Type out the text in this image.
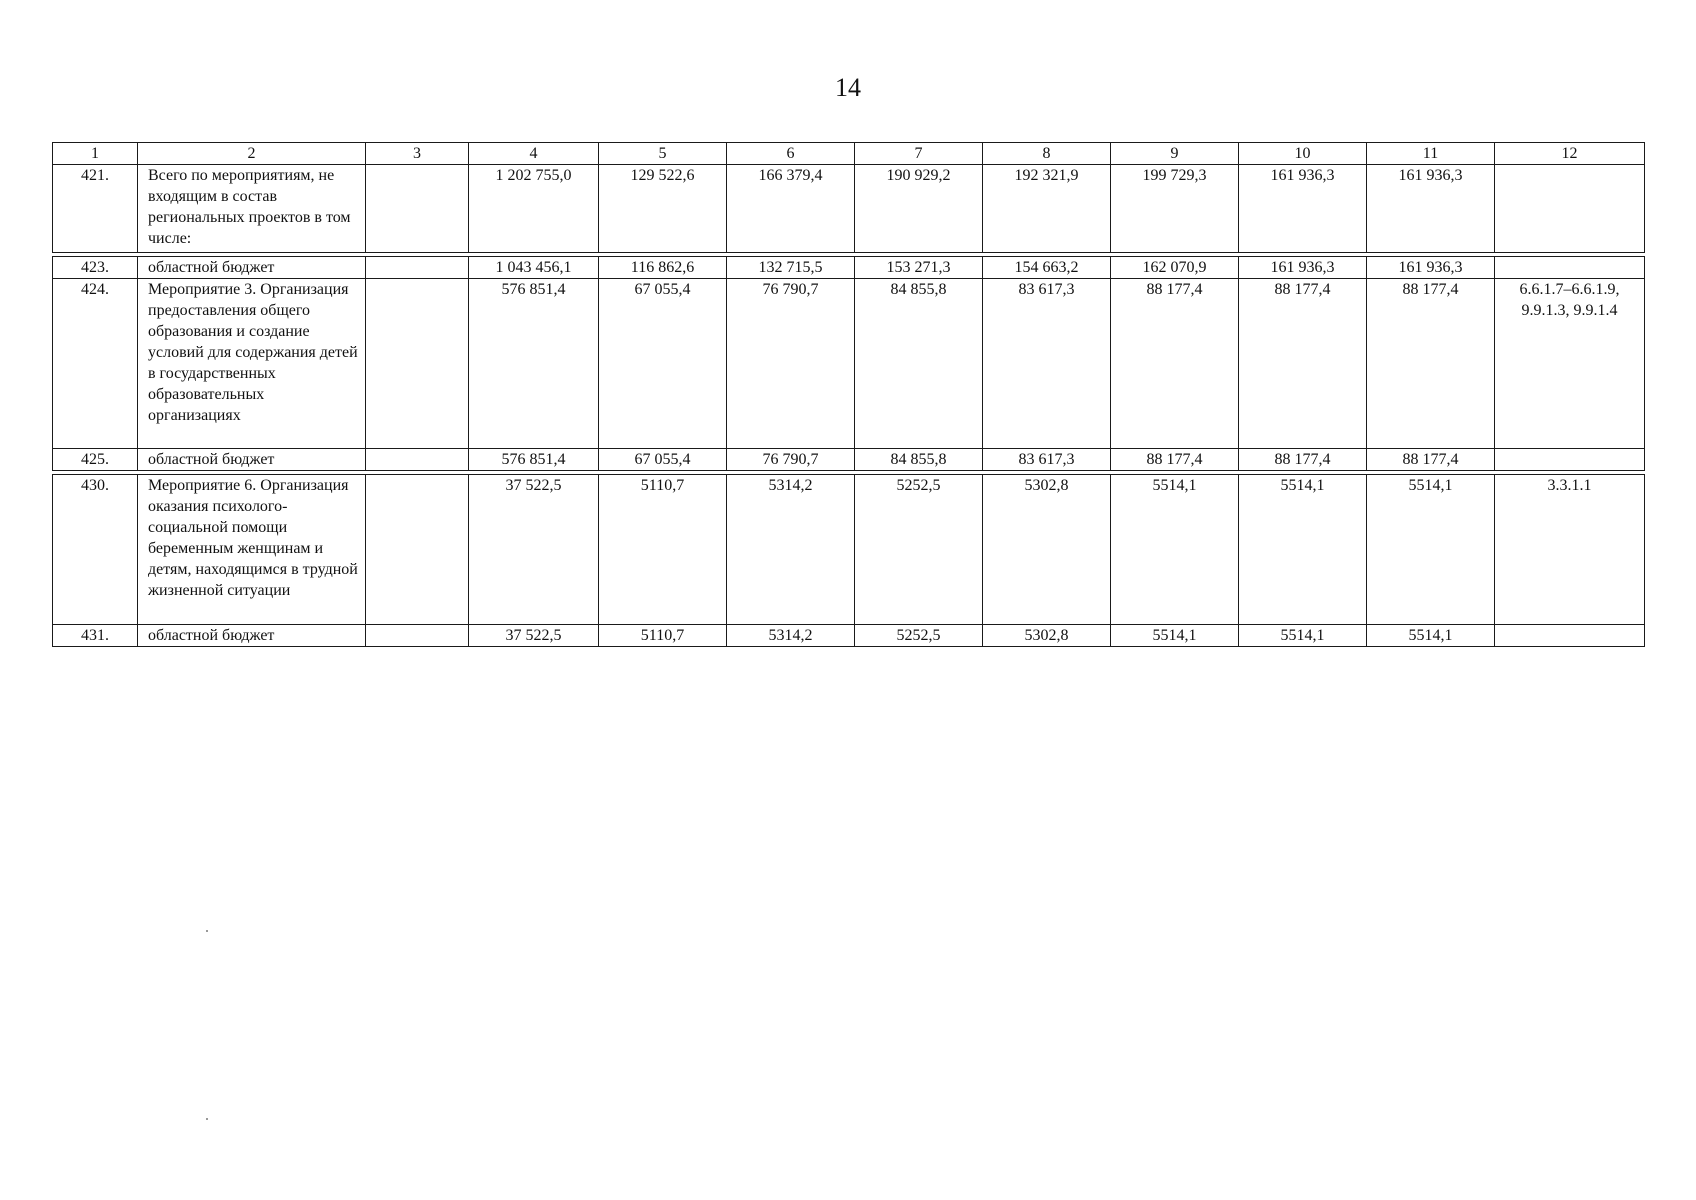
14
1	2	3	4	5	6	7	8	9	10	11	12
421.	Всего по мероприятиям, не входящим в состав региональных проектов в том числе:		1 202 755,0	129 522,6	166 379,4	190 929,2	192 321,9	199 729,3	161 936,3	161 936,3	
423.	областной бюджет		1 043 456,1	116 862,6	132 715,5	153 271,3	154 663,2	162 070,9	161 936,3	161 936,3	
424.	Мероприятие 3. Организация предоставления общего образования и создание условий для содержания детей в государственных образовательных организациях		576 851,4	67 055,4	76 790,7	84 855,8	83 617,3	88 177,4	88 177,4	88 177,4	6.6.1.7–6.6.1.9, 9.9.1.3, 9.9.1.4
425.	областной бюджет		576 851,4	67 055,4	76 790,7	84 855,8	83 617,3	88 177,4	88 177,4	88 177,4	
430.	Мероприятие 6. Организация оказания психолого-социальной помощи беременным женщинам и детям, находящимся в трудной жизненной ситуации		37 522,5	5110,7	5314,2	5252,5	5302,8	5514,1	5514,1	5514,1	3.3.1.1
431.	областной бюджет		37 522,5	5110,7	5314,2	5252,5	5302,8	5514,1	5514,1	5514,1	
